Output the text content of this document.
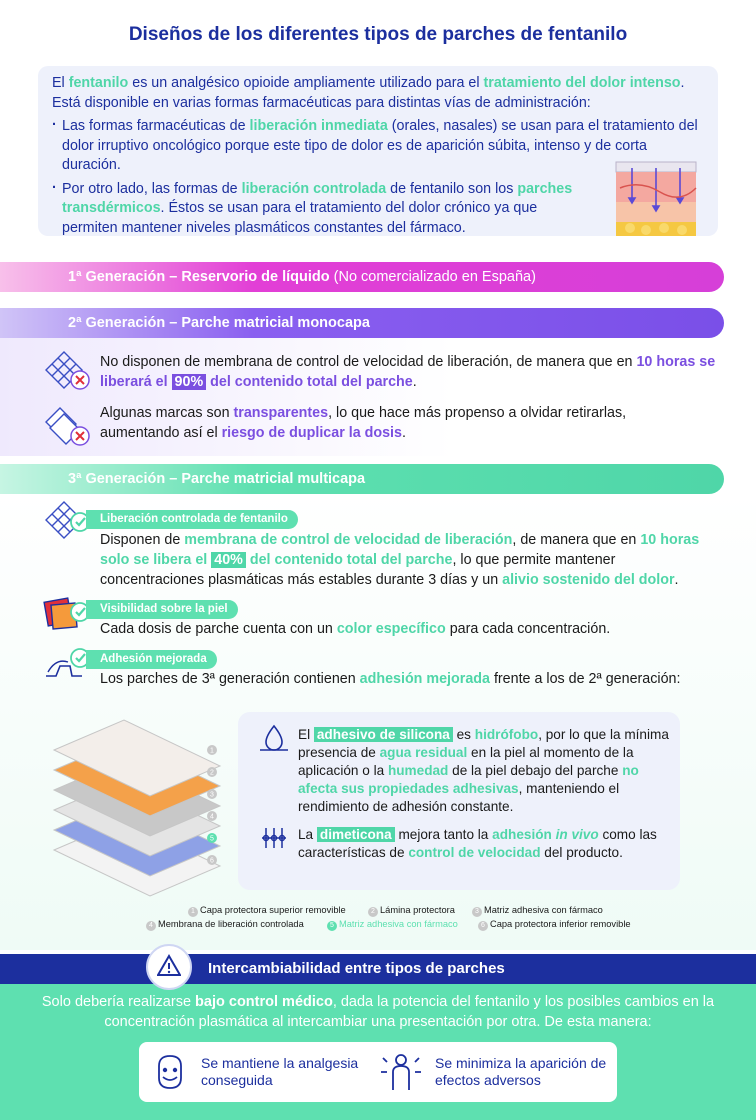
Diseños de los diferentes tipos de parches de fentanilo

El fentanilo es un analgésico opioide ampliamente utilizado para el tratamiento del dolor intenso. Está disponible en varias formas farmacéuticas para distintas vías de administración:

· Las formas farmacéuticas de liberación inmediata (orales, nasales) se usan para el tratamiento del dolor irruptivo oncológico porque este tipo de dolor es de aparición súbita, intenso y de corta duración.
· Por otro lado, las formas de liberación controlada de fentanilo son los parches transdérmicos. Éstos se usan para el tratamiento del dolor crónico ya que permiten mantener niveles plasmáticos constantes del fármaco.
1ª Generación – Reservorio de líquido (No comercializado en España)
2ª Generación – Parche matricial monocapa
No disponen de membrana de control de velocidad de liberación, de manera que en 10 horas se liberará el 90% del contenido total del parche.
Algunas marcas son transparentes, lo que hace más propenso a olvidar retirarlas, aumentando así el riesgo de duplicar la dosis.
3ª Generación – Parche matricial multicapa
Liberación controlada de fentanilo
Disponen de membrana de control de velocidad de liberación, de manera que en 10 horas solo se libera el 40% del contenido total del parche, lo que permite mantener concentraciones plasmáticas más estables durante 3 días y un alivio sostenido del dolor.
Visibilidad sobre la piel
Cada dosis de parche cuenta con un color específico para cada concentración.
Adhesión mejorada
Los parches de 3ª generación contienen adhesión mejorada frente a los de 2ª generación:
1
2
3
4
5
6
El adhesivo de silicona es hidrófobo, por lo que la mínima presencia de agua residual en la piel al momento de la aplicación o la humedad de la piel debajo del parche no afecta sus propiedades adhesivas, manteniendo el rendimiento de adhesión constante.
La dimeticona mejora tanto la adhesión in vivo como las características de control de velocidad del producto.
1 Capa protectora superior removible	2 Lámina protectora	3 Matriz adhesiva con fármaco
4 Membrana de liberación controlada	5 Matriz adhesiva con fármaco	6 Capa protectora inferior removible
Intercambiabilidad entre tipos de parches
Solo debería realizarse bajo control médico, dada la potencia del fentanilo y los posibles cambios en la concentración plasmática al intercambiar una presentación por otra. De esta manera:
Se mantiene la analgesia conseguida
Se minimiza la aparición de efectos adversos
